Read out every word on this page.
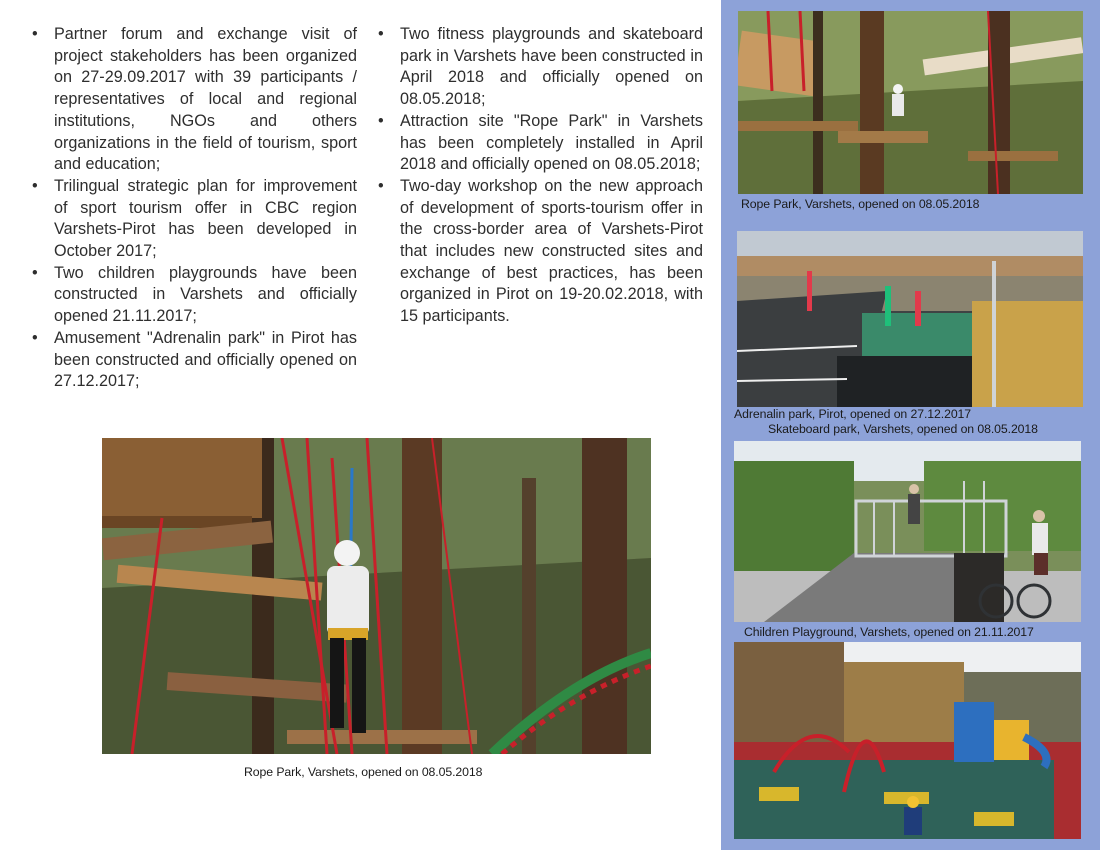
• Partner forum and exchange visit of project stakeholders has been organized on 27-29.09.2017 with 39 participants / representatives of local and regional institutions, NGOs and others organizations in the field of tourism, sport and education;
• Trilingual strategic plan for improvement of sport tourism offer in CBC region Varshets-Pirot has been developed in October 2017;
• Two children playgrounds have been constructed in Varshets and officially opened 21.11.2017;
• Amusement "Adrenalin park" in Pirot has been constructed and officially opened on 27.12.2017;
• Two fitness playgrounds and skateboard park in Varshets have been constructed in April 2018 and officially opened on 08.05.2018;
• Attraction site "Rope Park" in Varshets has been completely installed in April 2018 and officially opened on 08.05.2018;
• Two-day workshop on the new approach of development of sports-tourism offer in the cross-border area of Varshets-Pirot that includes new constructed sites and exchange of best practices, has been organized in Pirot on 19-20.02.2018, with 15 participants.
Rope Park, Varshets, opened on 08.05.2018
Rope Park, Varshets, opened on 08.05.2018
Adrenalin park, Pirot, opened on 27.12.2017
Skateboard park, Varshets, opened on 08.05.2018
Children Playground, Varshets, opened on 21.11.2017
